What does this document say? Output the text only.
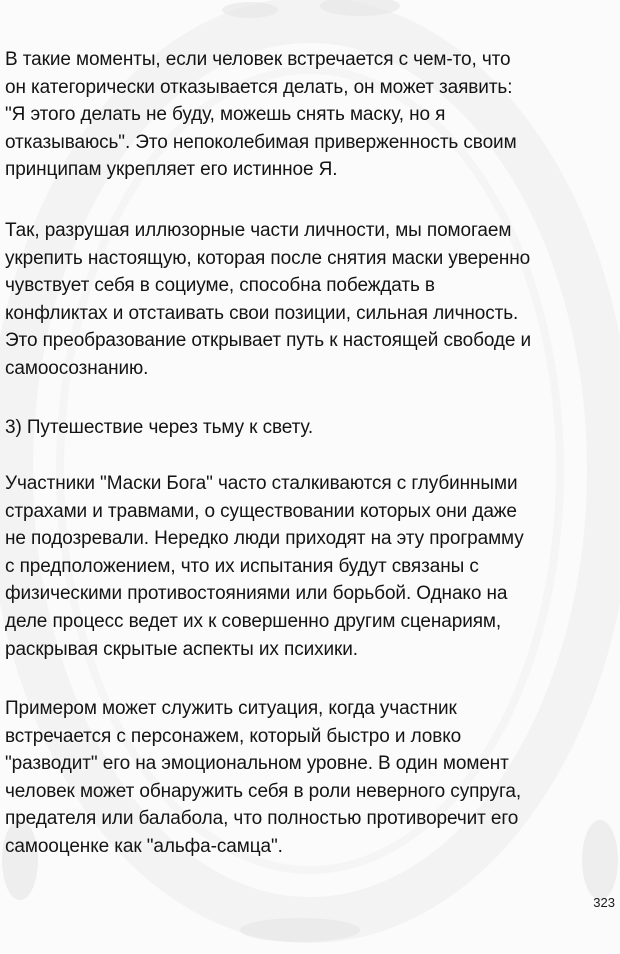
В такие моменты, если человек встречается с чем-то, что
он категорически отказывается делать, он может заявить:
"Я этого делать не буду, можешь снять маску, но я
отказываюсь". Это непоколебимая приверженность своим
принципам укрепляет его истинное Я.
Так, разрушая иллюзорные части личности, мы помогаем
укрепить настоящую, которая после снятия маски уверенно
чувствует себя в социуме, способна побеждать в
конфликтах и отстаивать свои позиции, сильная личность.
Это преобразование открывает путь к настоящей свободе и
самоосознанию.
3) Путешествие через тьму к свету.
Участники "Маски Бога" часто сталкиваются с глубинными
страхами и травмами, о существовании которых они даже
не подозревали. Нередко люди приходят на эту программу
с предположением, что их испытания будут связаны с
физическими противостояниями или борьбой. Однако на
деле процесс ведет их к совершенно другим сценариям,
раскрывая скрытые аспекты их психики.
Примером может служить ситуация, когда участник
встречается с персонажем, который быстро и ловко
"разводит" его на эмоциональном уровне. В один момент
человек может обнаружить себя в роли неверного супруга,
предателя или балабола, что полностью противоречит его
самооценке как "альфа-самца".
323
